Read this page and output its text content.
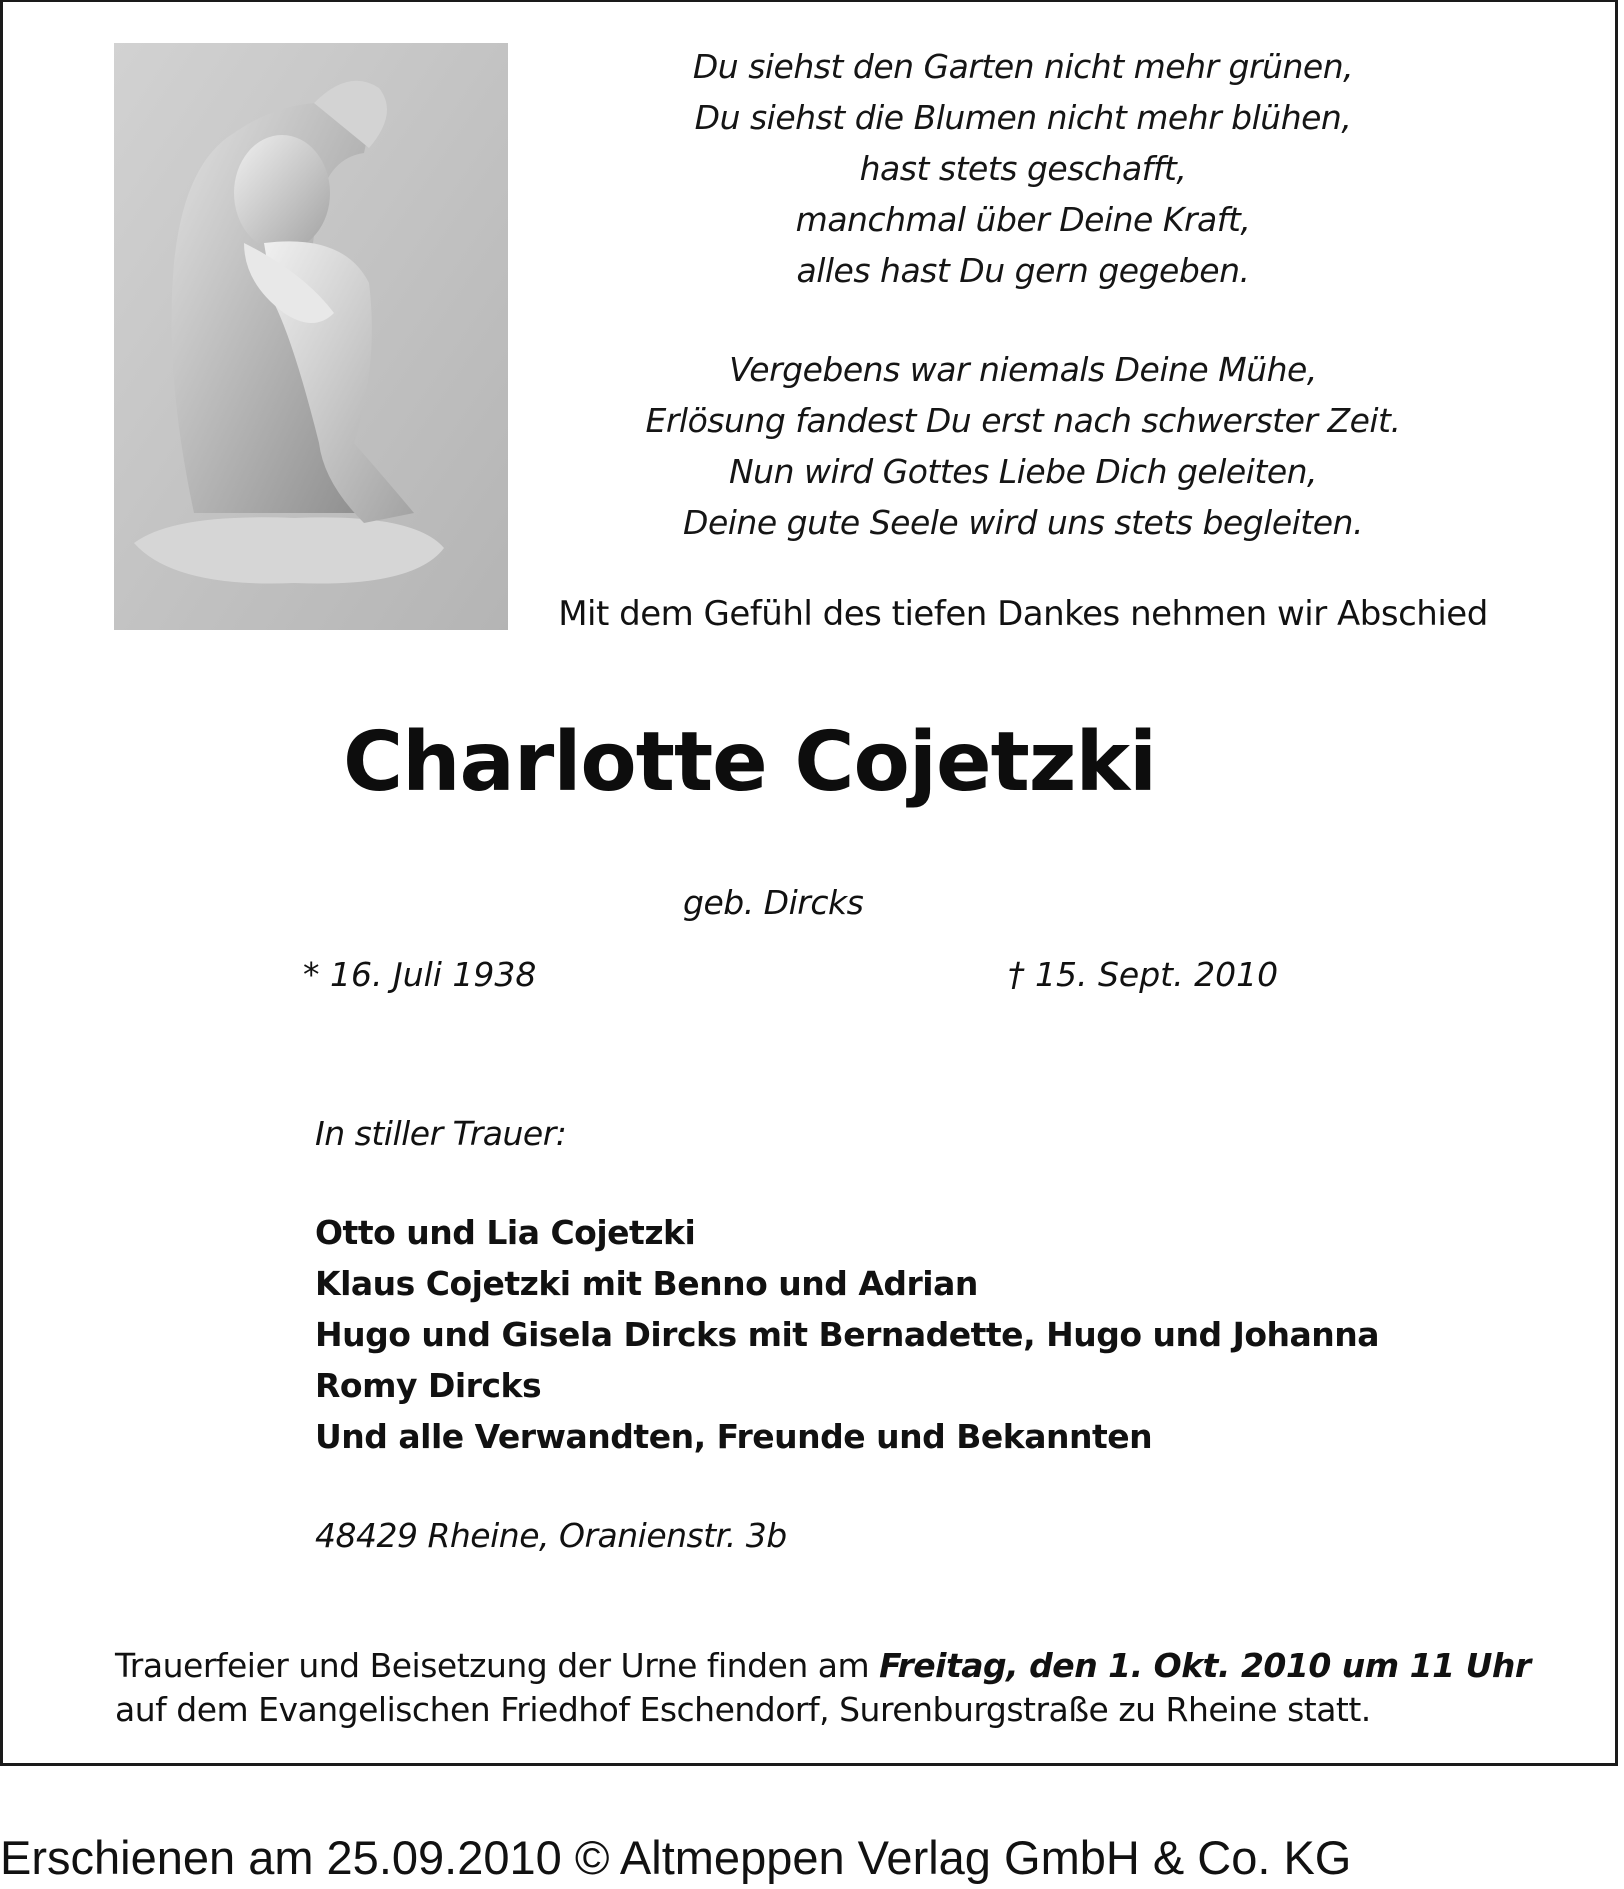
Du siehst den Garten nicht mehr grünen,
Du siehst die Blumen nicht mehr blühen,
hast stets geschafft,
manchmal über Deine Kraft,
alles hast Du gern gegeben.
Vergebens war niemals Deine Mühe,
Erlösung fandest Du erst nach schwerster Zeit.
Nun wird Gottes Liebe Dich geleiten,
Deine gute Seele wird uns stets begleiten.
Mit dem Gefühl des tiefen Dankes nehmen wir Abschied
Charlotte Cojetzki
geb. Dircks
* 16. Juli 1938	† 15. Sept. 2010
In stiller Trauer:
Otto und Lia Cojetzki
Klaus Cojetzki mit Benno und Adrian
Hugo und Gisela Dircks mit Bernadette, Hugo und Johanna
Romy Dircks
Und alle Verwandten, Freunde und Bekannten
48429 Rheine, Oranienstr. 3b
Trauerfeier und Beisetzung der Urne finden am Freitag, den 1. Okt. 2010 um 11 Uhr
auf dem Evangelischen Friedhof Eschendorf, Surenburgstraße zu Rheine statt.
Erschienen am 25.09.2010 © Altmeppen Verlag GmbH & Co. KG
